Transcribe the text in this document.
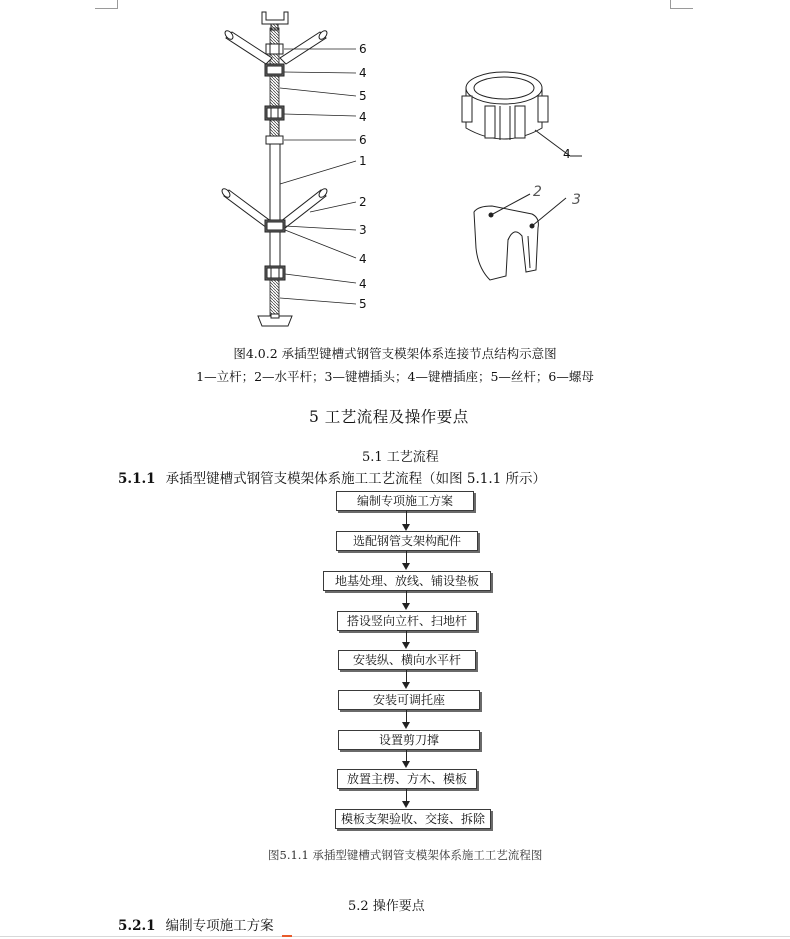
6
4
5
4
6
1
2
3
4
4
5
4
2 3
图4.0.2 承插型键槽式钢管支模架体系连接节点结构示意图
1—立杆；2—水平杆；3—键槽插头；4—键槽插座；5—丝杆；6—螺母
5 工艺流程及操作要点
5.1 工艺流程
5.1.1 承插型键槽式钢管支模架体系施工工艺流程（如图 5.1.1 所示）
编制专项施工方案
选配钢管支架构配件
地基处理、放线、铺设垫板
搭设竖向立杆、扫地杆
安装纵、横向水平杆
安装可调托座
设置剪刀撑
放置主楞、方木、模板
模板支架验收、交接、拆除
图5.1.1 承插型键槽式钢管支模架体系施工工艺流程图
5.2 操作要点
5.2.1 编制专项施工方案
